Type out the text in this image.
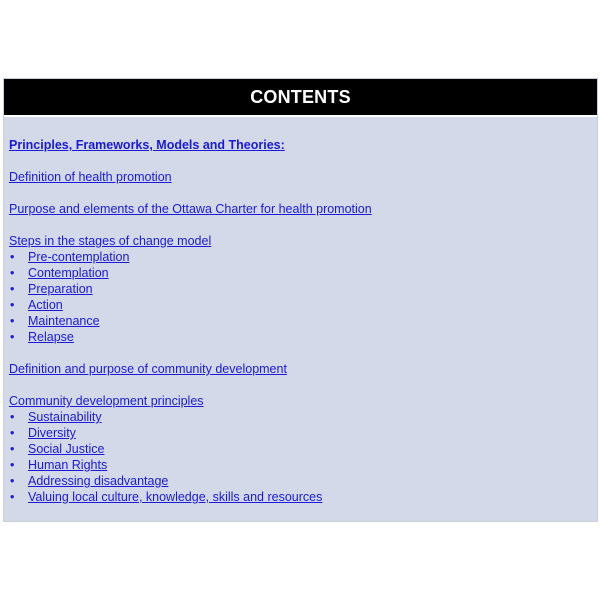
CONTENTS
Principles, Frameworks, Models and Theories:
Definition of health promotion
Purpose and elements of the Ottawa Charter for health promotion
Steps in the stages of change model
•	Pre-contemplation
•	Contemplation
•	Preparation
•	Action
•	Maintenance
•	Relapse
Definition and purpose of community development
Community development principles
•	Sustainability
•	Diversity
•	Social Justice
•	Human Rights
•	Addressing disadvantage
•	Valuing local culture, knowledge, skills and resources
